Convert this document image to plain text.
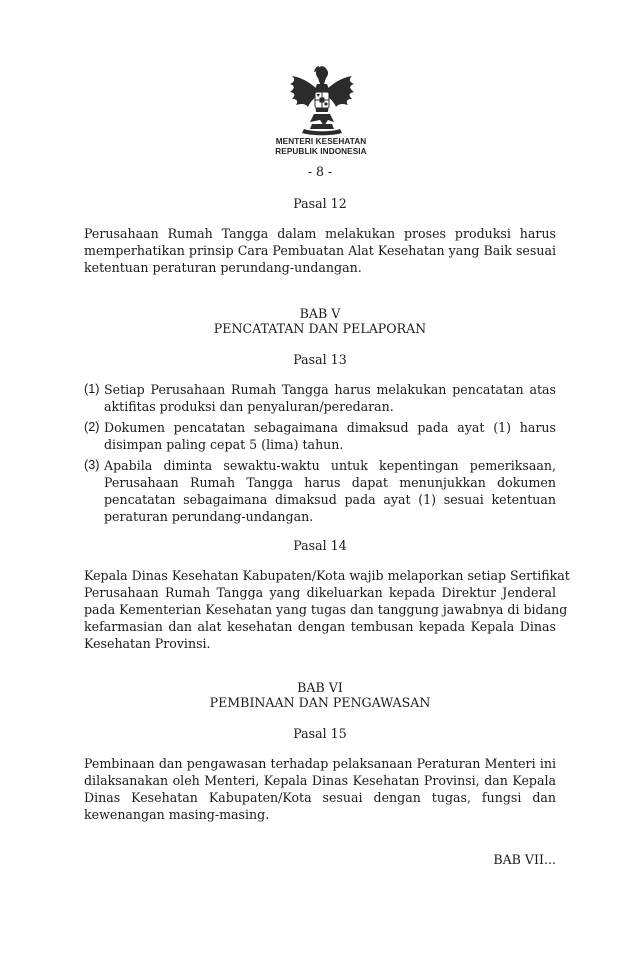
MENTERI KESEHATAN
REPUBLIK INDONESIA
- 8 -
Pasal 12
Perusahaan Rumah Tangga dalam melakukan proses produksi harus
memperhatikan prinsip Cara Pembuatan Alat Kesehatan yang Baik sesuai
ketentuan peraturan perundang-undangan.
BAB V
PENCATATAN DAN PELAPORAN
Pasal 13
(1) Setiap Perusahaan Rumah Tangga harus melakukan pencatatan atas
aktifitas produksi dan penyaluran/peredaran.
(2) Dokumen pencatatan sebagaimana dimaksud pada ayat (1) harus
disimpan paling cepat 5 (lima) tahun.
(3) Apabila diminta sewaktu-waktu untuk kepentingan pemeriksaan,
Perusahaan Rumah Tangga harus dapat menunjukkan dokumen
pencatatan sebagaimana dimaksud pada ayat (1) sesuai ketentuan
peraturan perundang-undangan.
Pasal 14
Kepala Dinas Kesehatan Kabupaten/Kota wajib melaporkan setiap Sertifikat
Perusahaan Rumah Tangga yang dikeluarkan kepada Direktur Jenderal
pada Kementerian Kesehatan yang tugas dan tanggung jawabnya di bidang
kefarmasian dan alat kesehatan dengan tembusan kepada Kepala Dinas
Kesehatan Provinsi.
BAB VI
PEMBINAAN DAN PENGAWASAN
Pasal 15
Pembinaan dan pengawasan terhadap pelaksanaan Peraturan Menteri ini
dilaksanakan oleh Menteri, Kepala Dinas Kesehatan Provinsi, dan Kepala
Dinas Kesehatan Kabupaten/Kota sesuai dengan tugas, fungsi dan
kewenangan masing-masing.
BAB VII...
